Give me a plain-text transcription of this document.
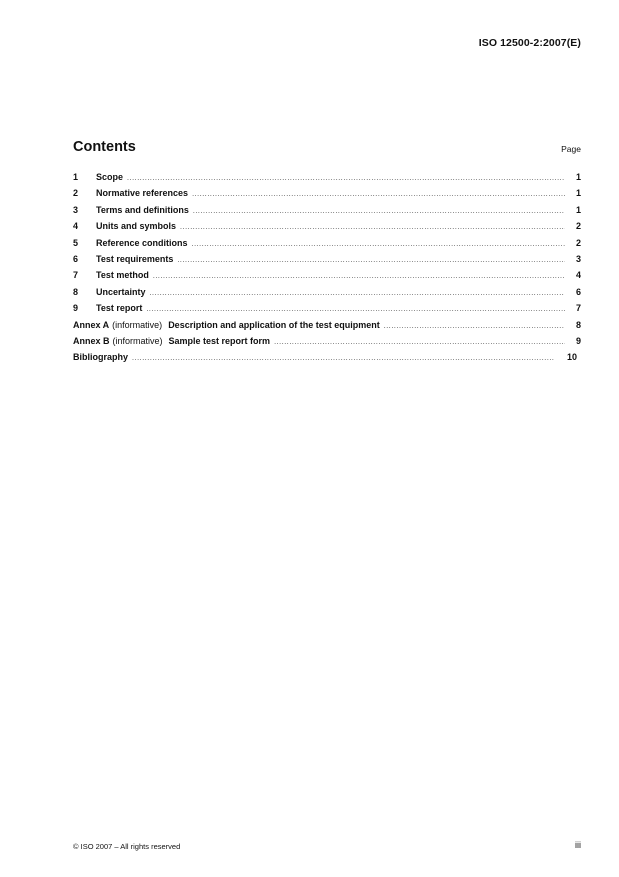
ISO 12500-2:2007(E)
Contents	Page
1	Scope .....	1
2	Normative references .....	1
3	Terms and definitions .....	1
4	Units and symbols .....	2
5	Reference conditions .....	2
6	Test requirements .....	3
7	Test method .....	4
8	Uncertainty .....	6
9	Test report .....	7
Annex A (informative) Description and application of the test equipment .....	8
Annex B (informative) Sample test report form .....	9
Bibliography .....	10
© ISO 2007 – All rights reserved	iii
